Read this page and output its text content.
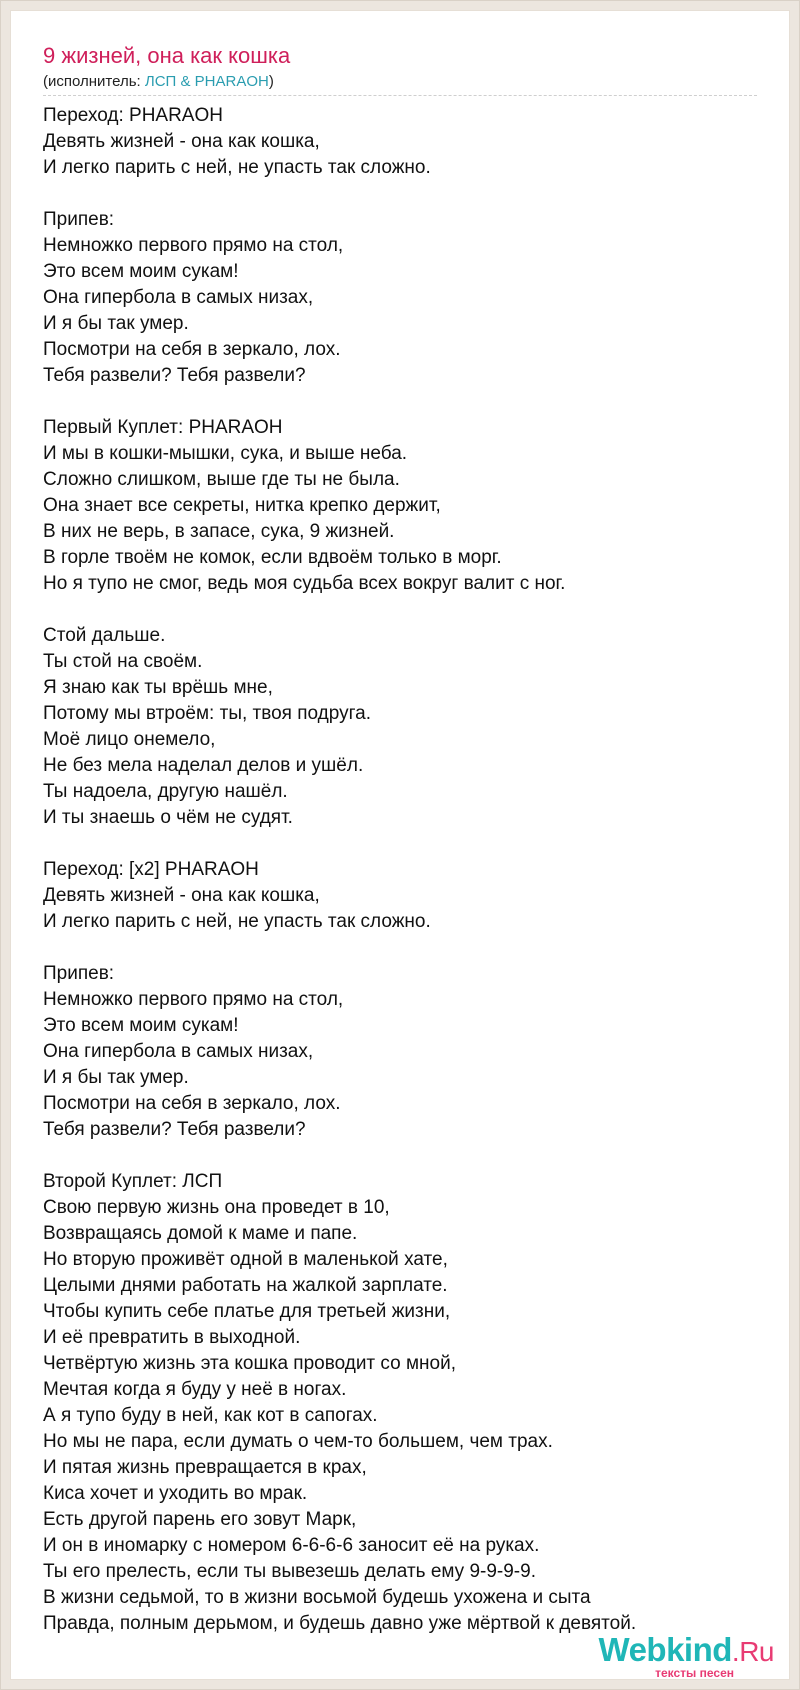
9 жизней, она как кошка
(исполнитель: ЛСП & PHARAOH)
Переход: PHARAOH
Девять жизней - она как кошка,
И легко парить с ней, не упасть так сложно.
Припев:
Немножко первого прямо на стол,
Это всем моим сукам!
Она гипербола в самых низах,
И я бы так умер.
Посмотри на себя в зеркало, лох.
Тебя развели? Тебя развели?
Первый Куплет: PHARAOH
И мы в кошки-мышки, сука, и выше неба.
Сложно слишком, выше где ты не была.
Она знает все секреты, нитка крепко держит,
В них не верь, в запасе, сука, 9 жизней.
В горле твоём не комок, если вдвоём только в морг.
Но я тупо не смог, ведь моя судьба всех вокруг валит с ног.
Стой дальше.
Ты стой на своём.
Я знаю как ты врёшь мне,
Потому мы втроём: ты, твоя подруга.
Моё лицо онемело,
Не без мела наделал делов и ушёл.
Ты надоела, другую нашёл.
И ты знаешь о чём не судят.
Переход: [x2] PHARAOH
Девять жизней - она как кошка,
И легко парить с ней, не упасть так сложно.
Припев:
Немножко первого прямо на стол,
Это всем моим сукам!
Она гипербола в самых низах,
И я бы так умер.
Посмотри на себя в зеркало, лох.
Тебя развели? Тебя развели?
Второй Куплет: ЛСП
Свою первую жизнь она проведет в 10,
Возвращаясь домой к маме и папе.
Но вторую проживёт одной в маленькой хате,
Целыми днями работать на жалкой зарплате.
Чтобы купить себе платье для третьей жизни,
И её превратить в выходной.
Четвёртую жизнь эта кошка проводит со мной,
Мечтая когда я буду у неё в ногах.
А я тупо буду в ней, как кот в сапогах.
Но мы не пара, если думать о чем-то большем, чем трах.
И пятая жизнь превращается в крах,
Киса хочет и уходить во мрак.
Есть другой парень его зовут Марк,
И он в иномарку с номером 6-6-6-6 заносит её на руках.
Ты его прелесть, если ты вывезешь делать ему 9-9-9-9.
В жизни седьмой, то в жизни восьмой будешь ухожена и сыта
Правда, полным дерьмом, и будешь давно уже мёртвой к девятой.
Webkind.Ru
тексты песен
